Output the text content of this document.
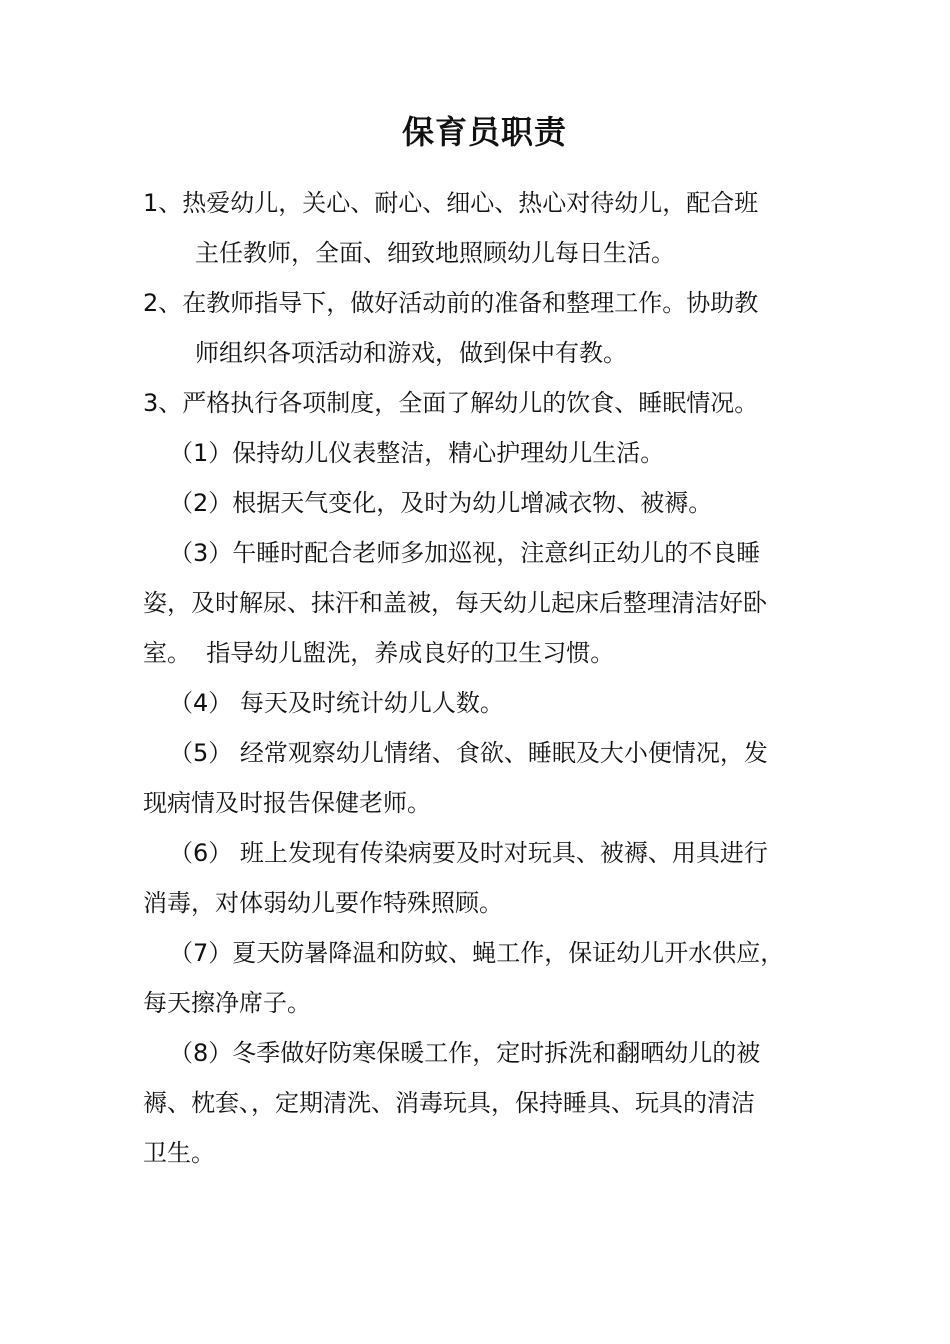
保育员职责

1、热爱幼儿，关心、耐心、细心、热心对待幼儿，配合班
主任教师，全面、细致地照顾幼儿每日生活。

2、在教师指导下，做好活动前的准备和整理工作。协助教
师组织各项活动和游戏，做到保中有教。

3、严格执行各项制度，全面了解幼儿的饮食、睡眠情况。

（1）保持幼儿仪表整洁，精心护理幼儿生活。

（2）根据天气变化，及时为幼儿增减衣物、被褥。

（3）午睡时配合老师多加巡视，注意纠正幼儿的不良睡
姿，及时解尿、抹汗和盖被，每天幼儿起床后整理清洁好卧
室。  指导幼儿盥洗，养成良好的卫生习惯。

（4） 每天及时统计幼儿人数。

（5） 经常观察幼儿情绪、食欲、睡眠及大小便情况，发
现病情及时报告保健老师。

（6） 班上发现有传染病要及时对玩具、被褥、用具进行
消毒，对体弱幼儿要作特殊照顾。

（7）夏天防暑降温和防蚊、蝇工作，保证幼儿开水供应，
每天擦净席子。

（8）冬季做好防寒保暖工作，定时拆洗和翻晒幼儿的被
褥、枕套、，定期清洗、消毒玩具，保持睡具、玩具的清洁
卫生。
